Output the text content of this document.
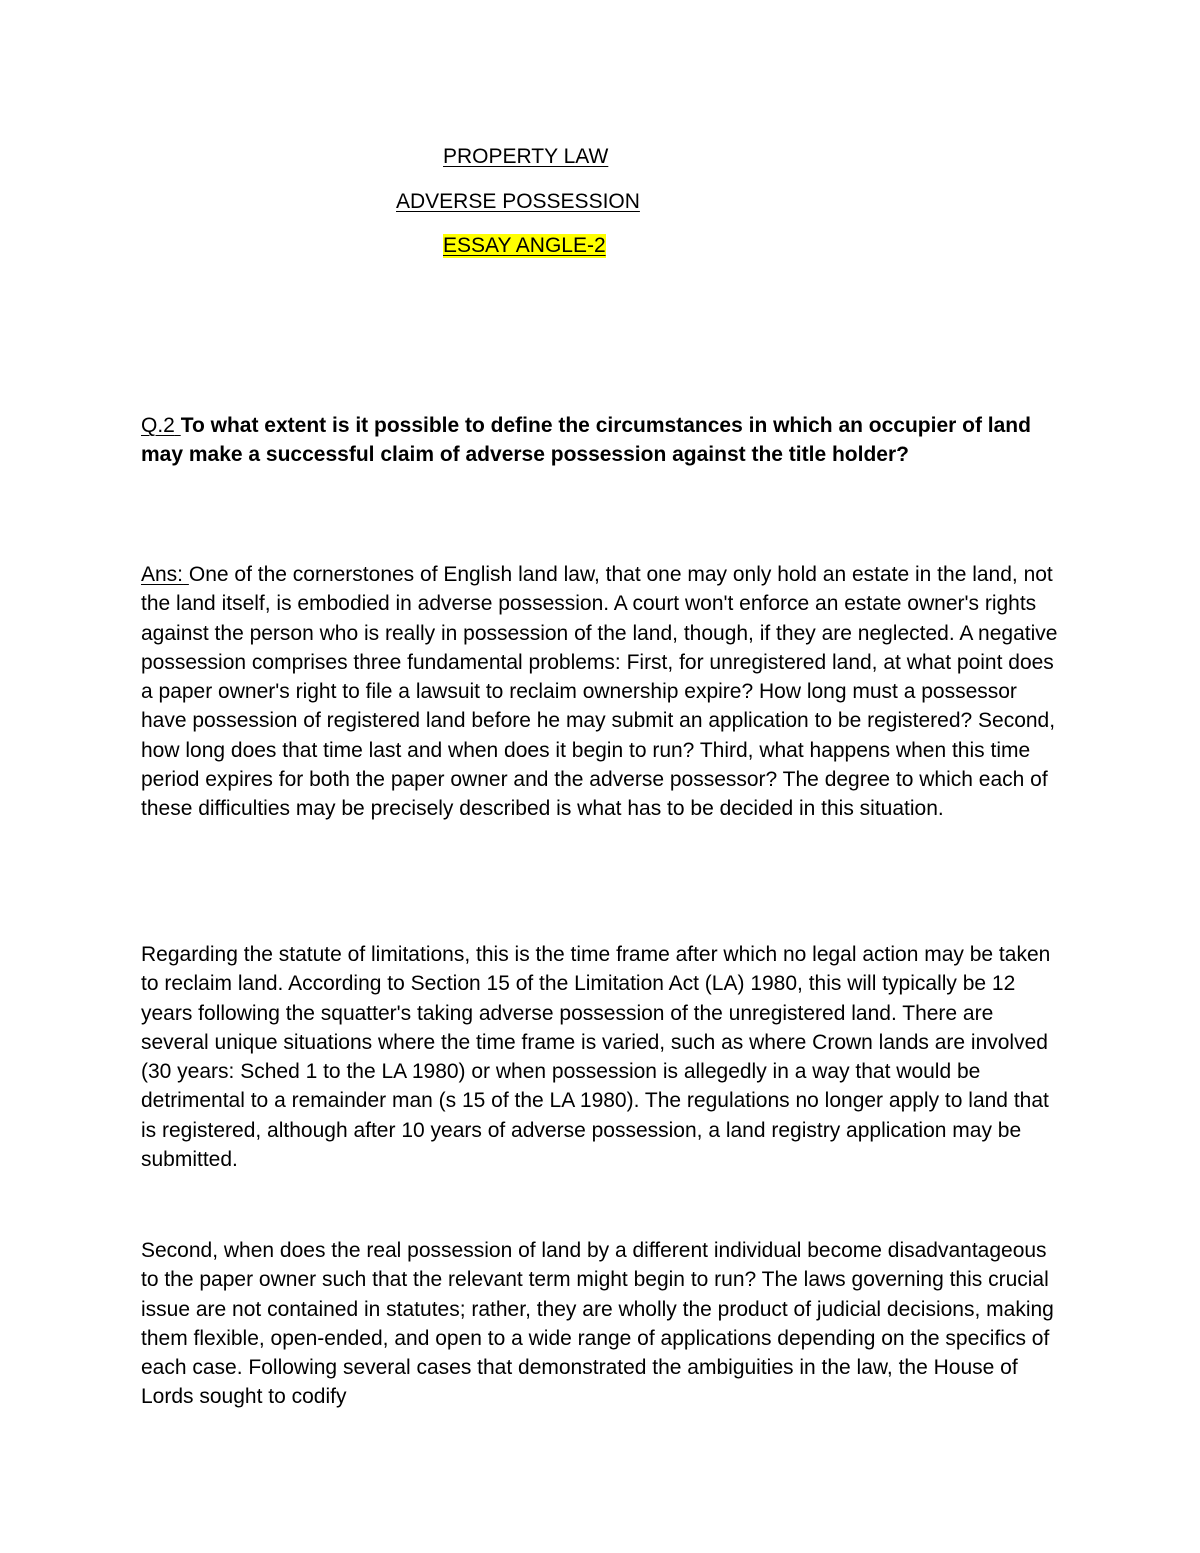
PROPERTY LAW
ADVERSE POSSESSION
ESSAY ANGLE-2

Q.2 To what extent is it possible to define the circumstances in which an occupier of land may make a successful claim of adverse possession against the title holder?

Ans: One of the cornerstones of English land law, that one may only hold an estate in the land, not the land itself, is embodied in adverse possession. A court won't enforce an estate owner's rights against the person who is really in possession of the land, though, if they are neglected. A negative possession comprises three fundamental problems: First, for unregistered land, at what point does a paper owner's right to file a lawsuit to reclaim ownership expire? How long must a possessor have possession of registered land before he may submit an application to be registered? Second, how long does that time last and when does it begin to run? Third, what happens when this time period expires for both the paper owner and the adverse possessor? The degree to which each of these difficulties may be precisely described is what has to be decided in this situation.

Regarding the statute of limitations, this is the time frame after which no legal action may be taken to reclaim land. According to Section 15 of the Limitation Act (LA) 1980, this will typically be 12 years following the squatter's taking adverse possession of the unregistered land. There are several unique situations where the time frame is varied, such as where Crown lands are involved (30 years: Sched 1 to the LA 1980) or when possession is allegedly in a way that would be detrimental to a remainder man (s 15 of the LA 1980). The regulations no longer apply to land that is registered, although after 10 years of adverse possession, a land registry application may be submitted.

Second, when does the real possession of land by a different individual become disadvantageous to the paper owner such that the relevant term might begin to run? The laws governing this crucial issue are not contained in statutes; rather, they are wholly the product of judicial decisions, making them flexible, open-ended, and open to a wide range of applications depending on the specifics of each case. Following several cases that demonstrated the ambiguities in the law, the House of Lords sought to codify
